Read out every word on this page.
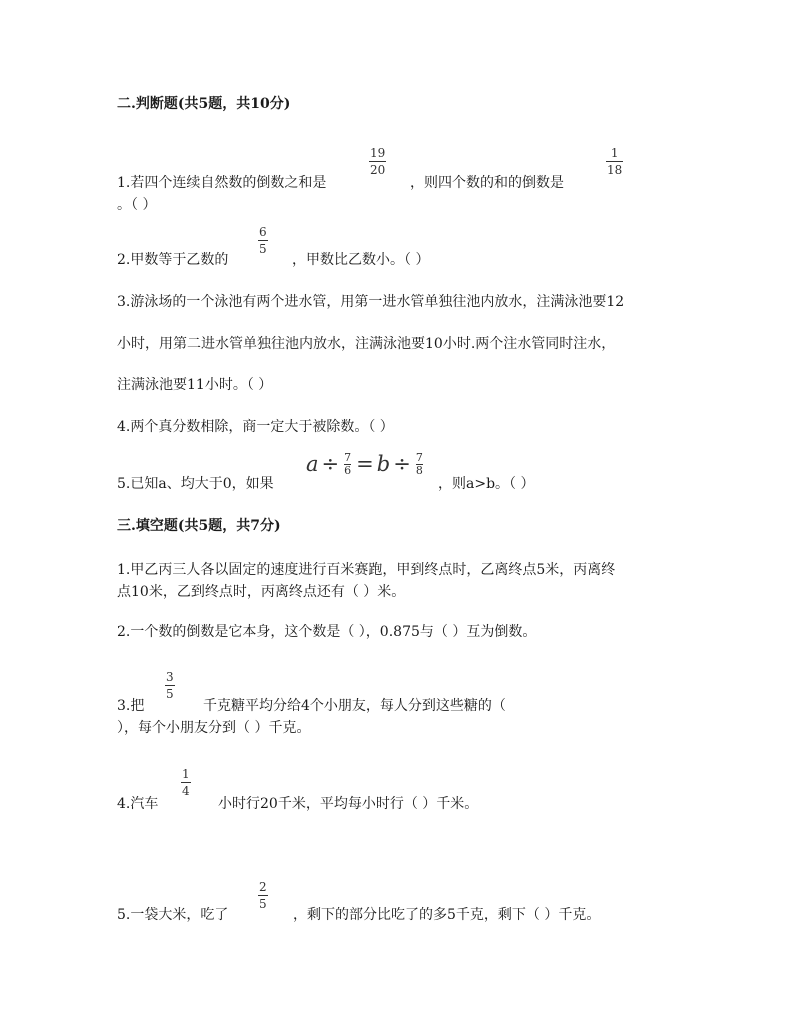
二.判断题(共5题，共10分)
1.若四个连续自然数的倒数之和是
19
20
，则四个数的和的倒数是
1
18
。（ ）
2.甲数等于乙数的
6
5
，甲数比乙数小。（ ）
3.游泳场的一个泳池有两个进水管，用第一进水管单独往池内放水，注满泳池要12
小时，用第二进水管单独往池内放水，注满泳池要10小时.两个注水管同时注水，
注满泳池要11小时。（ ）
4.两个真分数相除，商一定大于被除数。（ ）
5.已知a、均大于0，如果
a ÷ 7
6 = b ÷ 7
8
，则a>b。（ ）
三.填空题(共5题，共7分)
1.甲乙丙三人各以固定的速度进行百米赛跑，甲到终点时，乙离终点5米，丙离终
点10米，乙到终点时，丙离终点还有（ ）米。
2.一个数的倒数是它本身，这个数是（ ），0.875与（ ）互为倒数。
3.把
3
5
千克糖平均分给4个小朋友，每人分到这些糖的（
），每个小朋友分到（ ）千克。
4.汽车
1
4
小时行20千米，平均每小时行（ ）千米。
5.一袋大米，吃了
2
5
，剩下的部分比吃了的多5千克，剩下（ ）千克。
